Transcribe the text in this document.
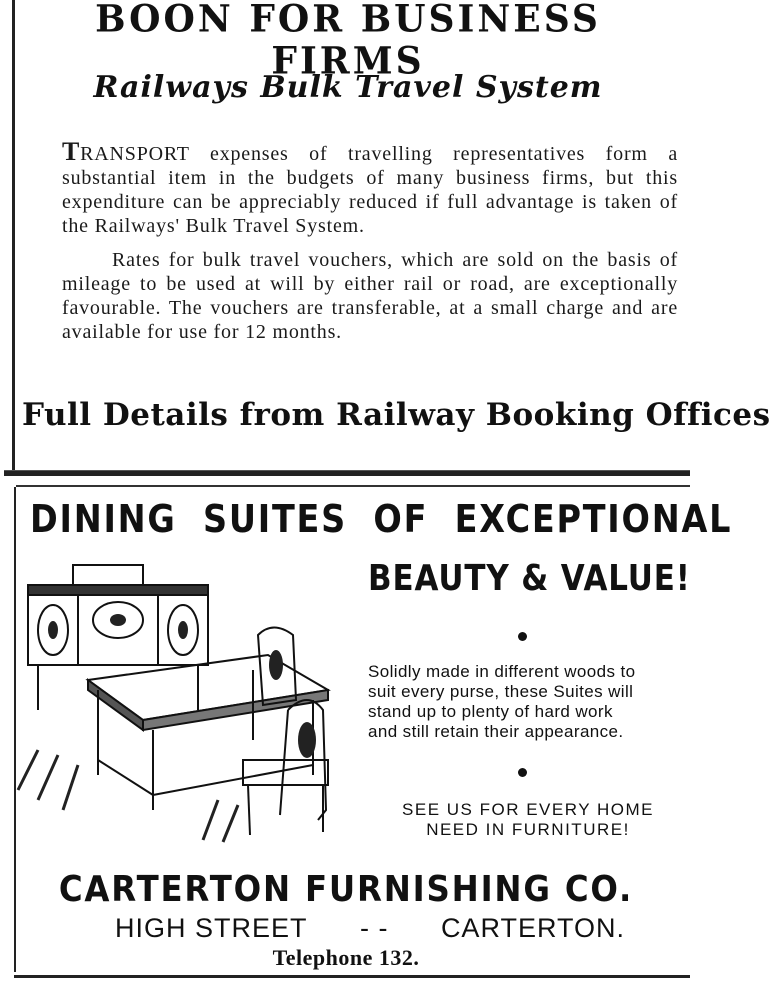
BOON FOR BUSINESS FIRMS
Railways Bulk Travel System

TRANSPORT expenses of travelling representatives form a substantial item in the budgets of many business firms, but this expenditure can be appreciably reduced if full advantage is taken of the Railways' Bulk Travel System.

Rates for bulk travel vouchers, which are sold on the basis of mileage to be used at will by either rail or road, are exceptionally favourable. The vouchers are transferable, at a small charge and are available for use for 12 months.

Full Details from Railway Booking Offices
DINING SUITES OF EXCEPTIONAL
BEAUTY & VALUE!
Solidly made in different woods to
suit every purse, these Suites will
stand up to plenty of hard work
and still retain their appearance.
SEE US FOR EVERY HOME
NEED IN FURNITURE!
CARTERTON FURNISHING CO.
HIGH STREET - - CARTERTON.
Telephone 132.
